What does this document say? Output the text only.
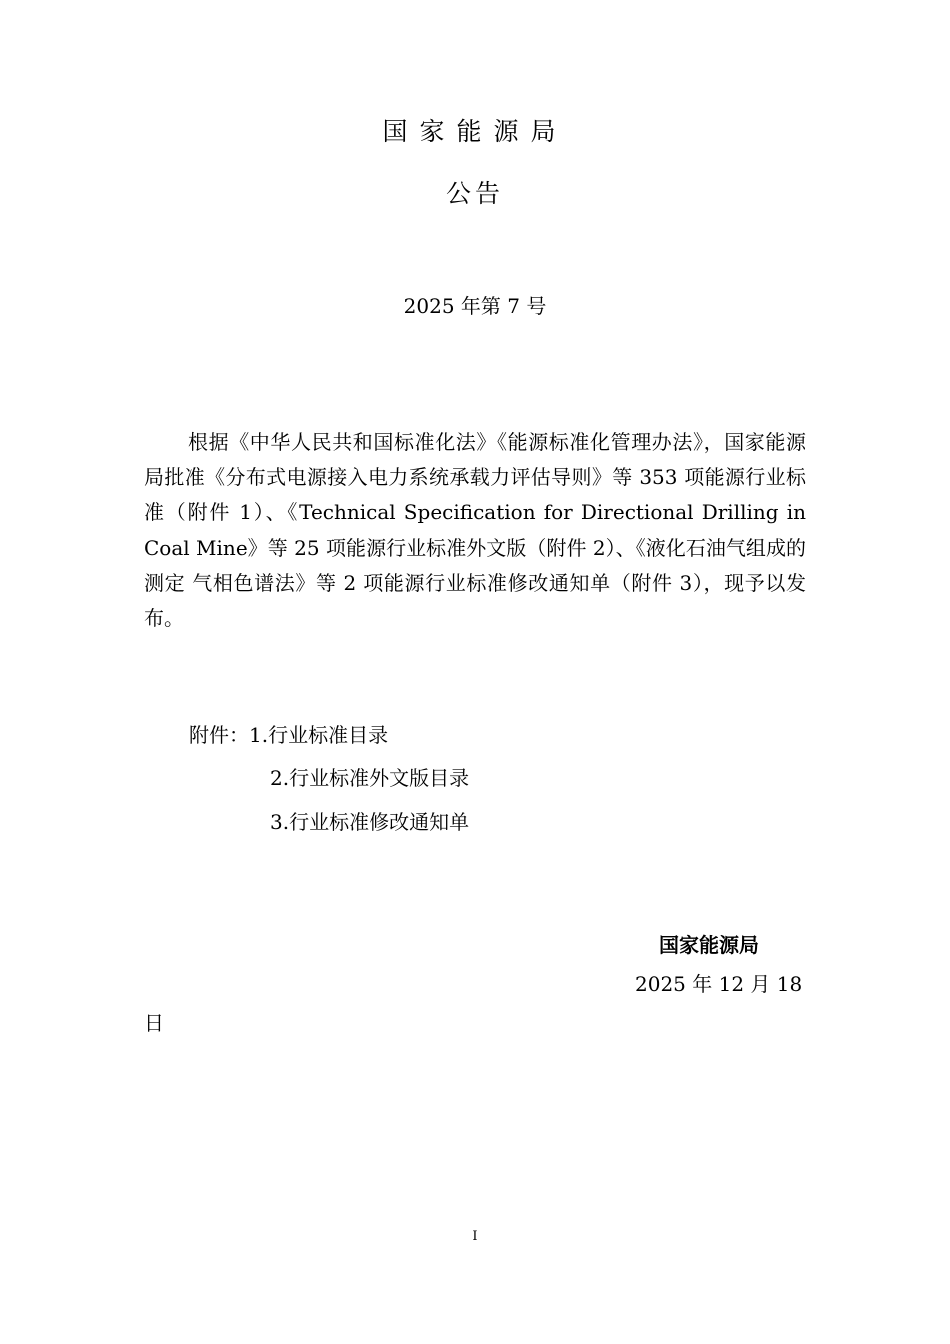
国家能源局
公告
2025 年第 7 号

根据《中华人民共和国标准化法》《能源标准化管理办法》，国家能源局批准《分布式电源接入电力系统承载力评估导则》等 353 项能源行业标准（附件 1）、《Technical Specification for Directional Drilling in Coal Mine》等 25 项能源行业标准外文版（附件 2）、《液化石油气组成的测定 气相色谱法》等 2 项能源行业标准修改通知单（附件 3），现予以发布。

附件：1.行业标准目录
2.行业标准外文版目录
3.行业标准修改通知单
国家能源局
2025 年 12 月 18
日
I
